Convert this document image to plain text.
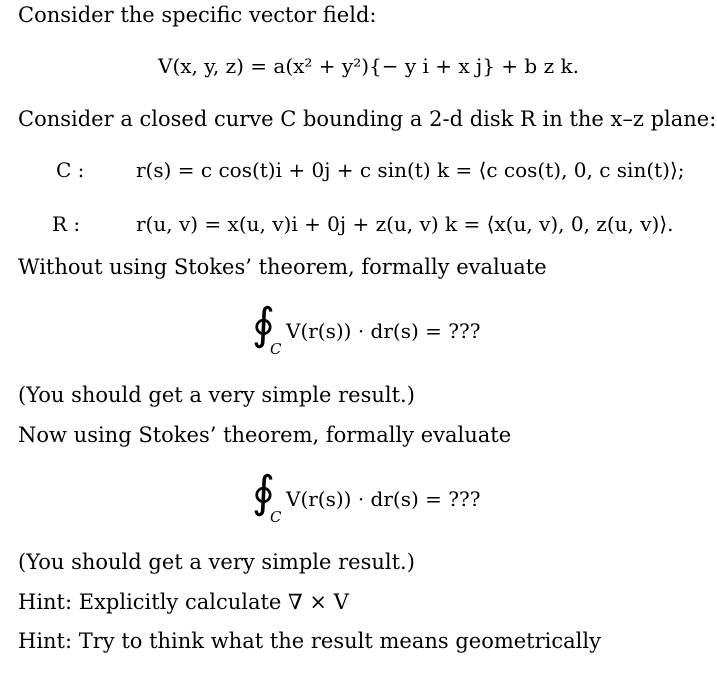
Consider the specific vector field:
V(x, y, z) = a(x² + y²){− y i + x j} + b z k.
Consider a closed curve C bounding a 2-d disk R in the x–z plane:
C :	r(s) = c cos(t)i + 0j + c sin(t) k = ⟨c cos(t), 0, c sin(t)⟩;
R :	r(u, v) = x(u, v)i + 0j + z(u, v) k = ⟨x(u, v), 0, z(u, v)⟩.
Without using Stokes’ theorem, formally evaluate
∮
C
V(r(s)) · dr(s) = ???
(You should get a very simple result.)
Now using Stokes’ theorem, formally evaluate
∮
C
V(r(s)) · dr(s) = ???
(You should get a very simple result.)
Hint: Explicitly calculate ∇ × V
Hint: Try to think what the result means geometrically
